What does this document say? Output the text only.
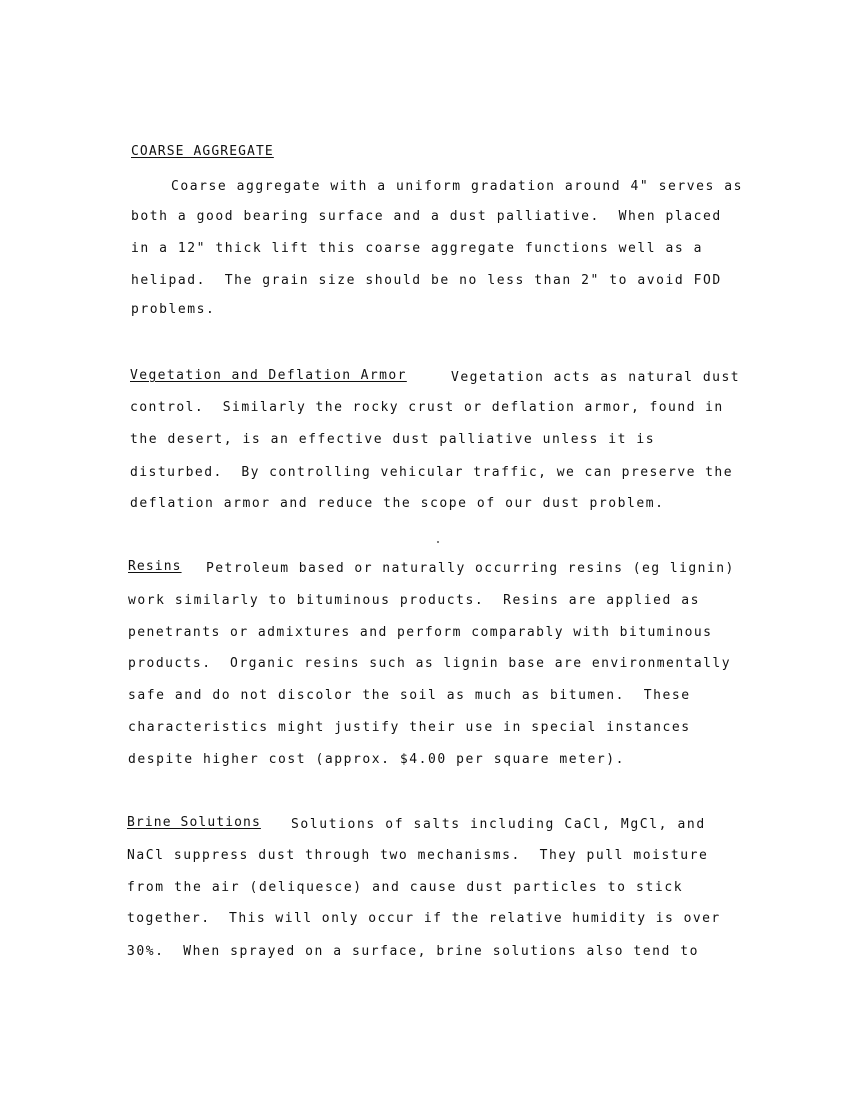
COARSE AGGREGATE
Coarse aggregate with a uniform gradation around 4" serves as
both a good bearing surface and a dust palliative.  When placed
in a 12" thick lift this coarse aggregate functions well as a
helipad.  The grain size should be no less than 2" to avoid FOD
problems.
Vegetation and Deflation Armor	Vegetation acts as natural dust
control.  Similarly the rocky crust or deflation armor, found in
the desert, is an effective dust palliative unless it is
disturbed.  By controlling vehicular traffic, we can preserve the
deflation armor and reduce the scope of our dust problem.
Resins Petroleum based or naturally occurring resins (eg lignin)
work similarly to bituminous products.  Resins are applied as
penetrants or admixtures and perform comparably with bituminous
products.  Organic resins such as lignin base are environmentally
safe and do not discolor the soil as much as bitumen.  These
characteristics might justify their use in special instances
despite higher cost (approx. $4.00 per square meter).
Brine Solutions Solutions of salts including CaCl, MgCl, and
NaCl suppress dust through two mechanisms.  They pull moisture
from the air (deliquesce) and cause dust particles to stick
together.  This will only occur if the relative humidity is over
30%.  When sprayed on a surface, brine solutions also tend to
